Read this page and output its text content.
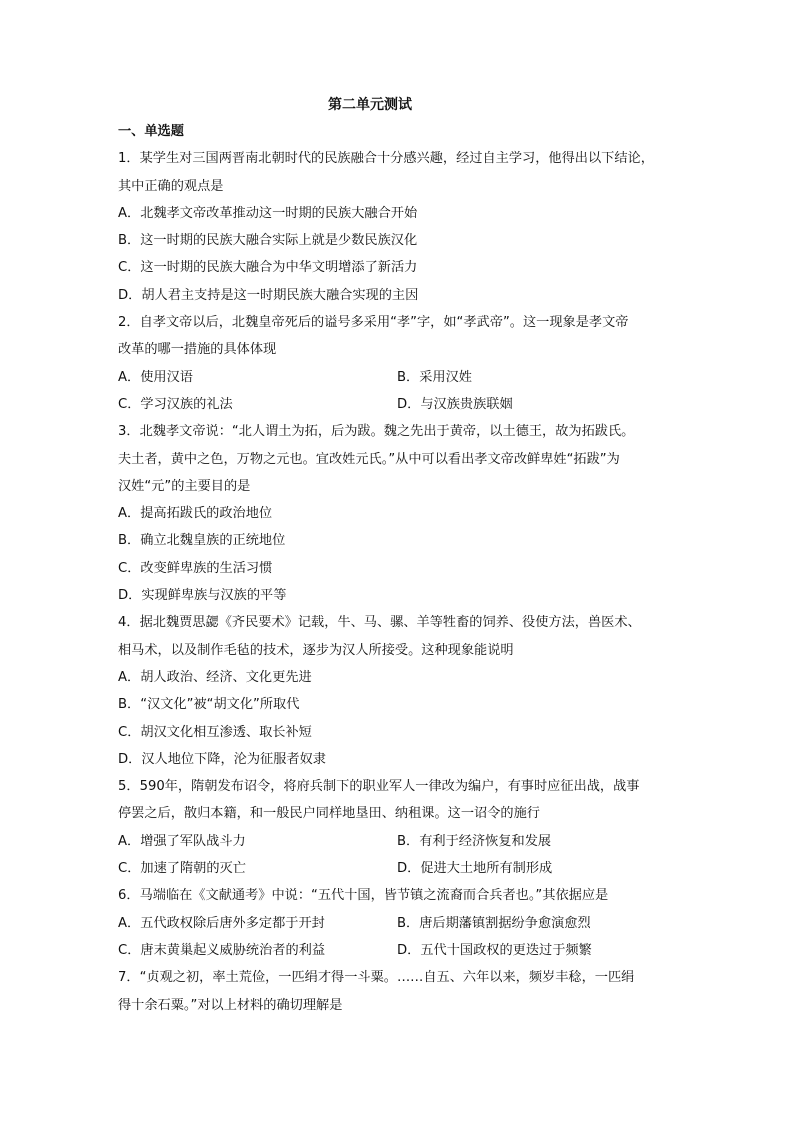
第二单元测试
一、单选题
1．某学生对三国两晋南北朝时代的民族融合十分感兴趣，经过自主学习，他得出以下结论，
其中正确的观点是
A．北魏孝文帝改革推动这一时期的民族大融合开始
B．这一时期的民族大融合实际上就是少数民族汉化
C．这一时期的民族大融合为中华文明增添了新活力
D．胡人君主支持是这一时期民族大融合实现的主因
2．自孝文帝以后，北魏皇帝死后的谥号多采用“孝”字，如“孝武帝”。这一现象是孝文帝
改革的哪一措施的具体体现
A．使用汉语	B．采用汉姓
C．学习汉族的礼法	D．与汉族贵族联姻
3．北魏孝文帝说：“北人谓土为拓，后为跋。魏之先出于黄帝，以土德王，故为拓跋氏。
夫土者，黄中之色，万物之元也。宜改姓元氏。”从中可以看出孝文帝改鲜卑姓“拓跋”为
汉姓“元”的主要目的是
A．提高拓跋氏的政治地位
B．确立北魏皇族的正统地位
C．改变鲜卑族的生活习惯
D．实现鲜卑族与汉族的平等
4．据北魏贾思勰《齐民要术》记载，牛、马、骡、羊等牲畜的饲养、役使方法，兽医术、
相马术，以及制作毛毡的技术，逐步为汉人所接受。这种现象能说明
A．胡人政治、经济、文化更先进
B．“汉文化”被“胡文化”所取代
C．胡汉文化相互渗透、取长补短
D．汉人地位下降，沦为征服者奴隶
5．590年，隋朝发布诏令，将府兵制下的职业军人一律改为编户，有事时应征出战，战事
停罢之后，散归本籍，和一般民户同样地垦田、纳租课。这一诏令的施行
A．增强了军队战斗力	B．有利于经济恢复和发展
C．加速了隋朝的灭亡	D．促进大土地所有制形成
6．马端临在《文献通考》中说：“五代十国，皆节镇之流裔而合兵者也。”其依据应是
A．五代政权除后唐外多定都于开封	B．唐后期藩镇割据纷争愈演愈烈
C．唐末黄巢起义威胁统治者的利益	D．五代十国政权的更迭过于频繁
7．“贞观之初，率土荒俭，一匹绢才得一斗粟。……自五、六年以来，频岁丰稔，一匹绢
得十余石粟。”对以上材料的确切理解是
